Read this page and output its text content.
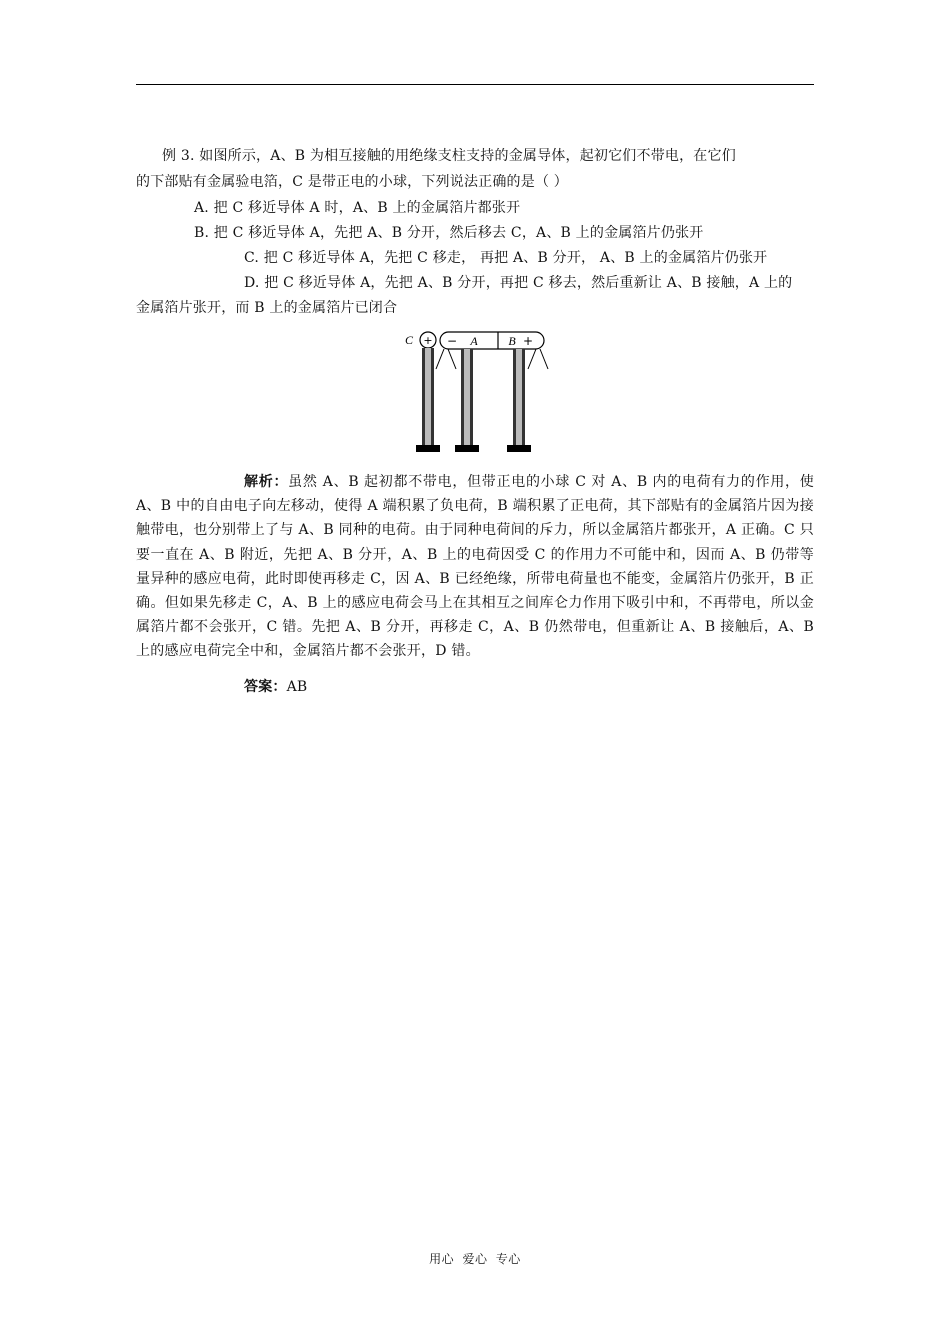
例 3. 如图所示，A、B 为相互接触的用绝缘支柱支持的金属导体，起初它们不带电，在它们
的下部贴有金属验电箔，C 是带正电的小球，下列说法正确的是（ ）
A. 把 C 移近导体 A 时，A、B 上的金属箔片都张开
B. 把 C 移近导体 A，先把 A、B 分开，然后移去 C，A、B 上的金属箔片仍张开
C. 把 C 移近导体 A，先把 C 移走， 再把 A、B 分开， A、B 上的金属箔片仍张开
D. 把 C 移近导体 A，先把 A、B 分开，再把 C 移去，然后重新让 A、B 接触，A 上的
金属箔片张开，而 B 上的金属箔片已闭合
C + − A	B +
解析：虽然 A、B 起初都不带电，但带正电的小球 C 对 A、B 内的电荷有力的作用，使 A、B 中的自由电子向左移动，使得 A 端积累了负电荷，B 端积累了正电荷，其下部贴有的金属箔片因为接触带电，也分别带上了与 A、B 同种的电荷。由于同种电荷间的斥力，所以金属箔片都张开，A 正确。C 只要一直在 A、B 附近，先把 A、B 分开，A、B 上的电荷因受 C 的作用力不可能中和，因而 A、B 仍带等量异种的感应电荷，此时即使再移走 C，因 A、B 已经绝缘，所带电荷量也不能变，金属箔片仍张开，B 正确。但如果先移走 C，A、B 上的感应电荷会马上在其相互之间库仑力作用下吸引中和，不再带电，所以金属箔片都不会张开，C 错。先把 A、B 分开，再移走 C，A、B 仍然带电，但重新让 A、B 接触后，A、B 上的感应电荷完全中和，金属箔片都不会张开，D 错。
答案：AB
用心 爱心 专心
